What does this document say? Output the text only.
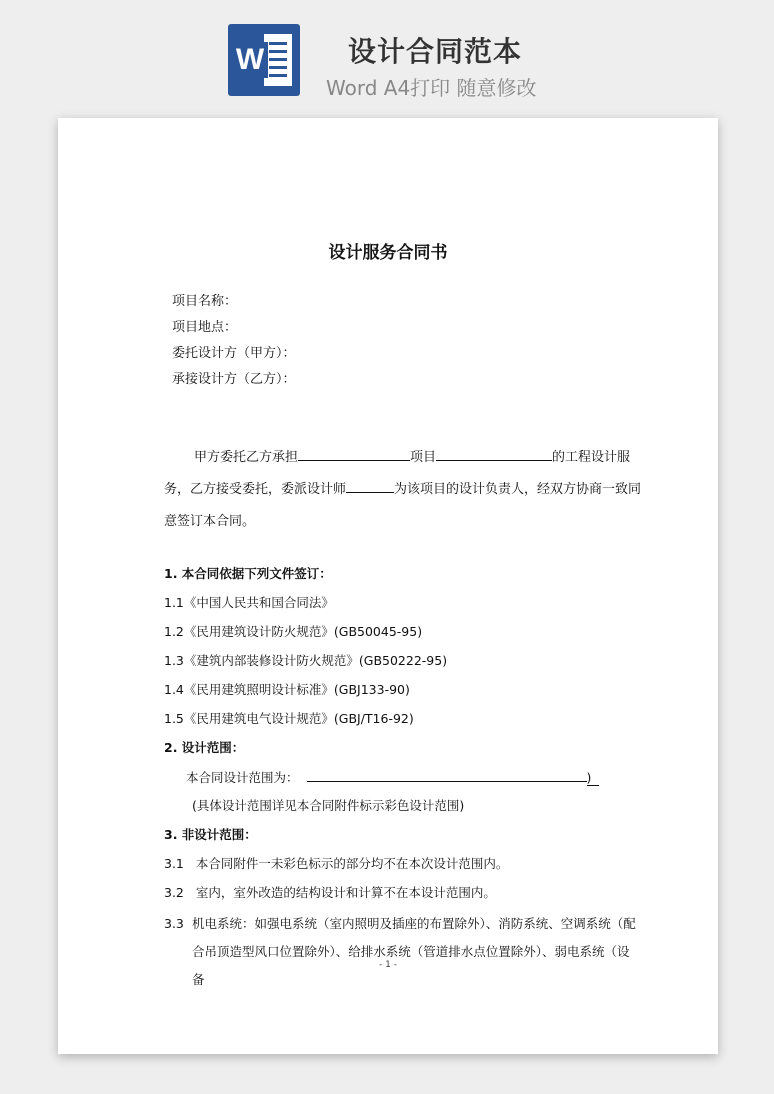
W	设计合同范本
Word A4打印 随意修改
设计服务合同书
项目名称：
项目地点：
委托设计方（甲方）：
承接设计方（乙方）：
甲方委托乙方承担	项目	的工程设计服务，乙方接受委托，委派设计师	为该项目的设计负责人，经双方协商一致同意签订本合同。
1. 本合同依据下列文件签订：
1.1《中国人民共和国合同法》
1.2《民用建筑设计防火规范》(GB50045-95)
1.3《建筑内部装修设计防火规范》(GB50222-95)
1.4《民用建筑照明设计标准》(GBJ133-90)
1.5《民用建筑电气设计规范》(GBJ/T16-92)
2. 设计范围：
本合同设计范围为：	)
(具体设计范围详见本合同附件标示彩色设计范围)
3. 非设计范围：
3.1 本合同附件一未彩色标示的部分均不在本次设计范围内。
3.2 室内，室外改造的结构设计和计算不在本设计范围内。
3.3 机电系统：如强电系统（室内照明及插座的布置除外）、消防系统、空调系统（配合吊顶造型风口位置除外）、给排水系统（管道排水点位置除外）、弱电系统（设备
- 1 -
